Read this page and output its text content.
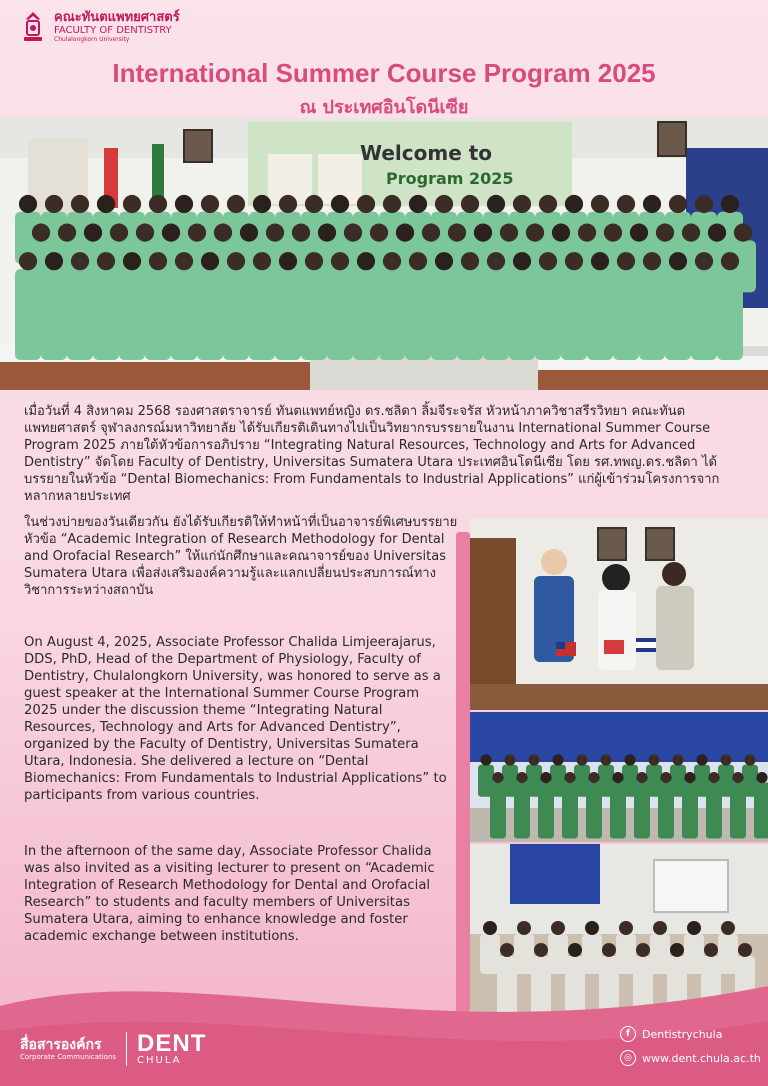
คณะทันตแพทยศาสตร์
FACULTY OF DENTISTRY
Chulalongkorn University
International Summer Course Program 2025
ณ ประเทศอินโดนีเซีย
Welcome to
Program 2025

เมื่อวันที่ 4 สิงหาคม 2568 รองศาสตราจารย์ ทันตแพทย์หญิง ดร.ชลิดา ลิ้มจีระจรัส หัวหน้าภาควิชาสรีรวิทยา คณะทันตแพทยศาสตร์ จุฬาลงกรณ์มหาวิทยาลัย ได้รับเกียรติเดินทางไปเป็นวิทยากรบรรยายในงาน International Summer Course Program 2025 ภายใต้หัวข้อการอภิปราย “Integrating Natural Resources, Technology and Arts for Advanced Dentistry” จัดโดย Faculty of Dentistry, Universitas Sumatera Utara ประเทศอินโดนีเซีย โดย รศ.ทพญ.ดร.ชลิดา ได้บรรยายในหัวข้อ “Dental Biomechanics: From Fundamentals to Industrial Applications” แก่ผู้เข้าร่วมโครงการจากหลากหลายประเทศ

ในช่วงบ่ายของวันเดียวกัน ยังได้รับเกียรติให้ทำหน้าที่เป็นอาจารย์พิเศษบรรยายหัวข้อ “Academic Integration of Research Methodology for Dental and Orofacial Research” ให้แก่นักศึกษาและคณาจารย์ของ Universitas Sumatera Utara เพื่อส่งเสริมองค์ความรู้และแลกเปลี่ยนประสบการณ์ทางวิชาการระหว่างสถาบัน

On August 4, 2025, Associate Professor Chalida Limjeerajarus, DDS, PhD, Head of the Department of Physiology, Faculty of Dentistry, Chulalongkorn University, was honored to serve as a guest speaker at the International Summer Course Program 2025 under the discussion theme “Integrating Natural Resources, Technology and Arts for Advanced Dentistry”, organized by the Faculty of Dentistry, Universitas Sumatera Utara, Indonesia. She delivered a lecture on “Dental Biomechanics: From Fundamentals to Industrial Applications” to participants from various countries.

In the afternoon of the same day, Associate Professor Chalida was also invited as a visiting lecturer to present on “Academic Integration of Research Methodology for Dental and Orofacial Research” to students and faculty members of Universitas Sumatera Utara, aiming to enhance knowledge and foster academic exchange between institutions.

สื่อสารองค์กร
Corporate Communications
DENT
CHULA
f	Dentistrychula
◎ www.dent.chula.ac.th
